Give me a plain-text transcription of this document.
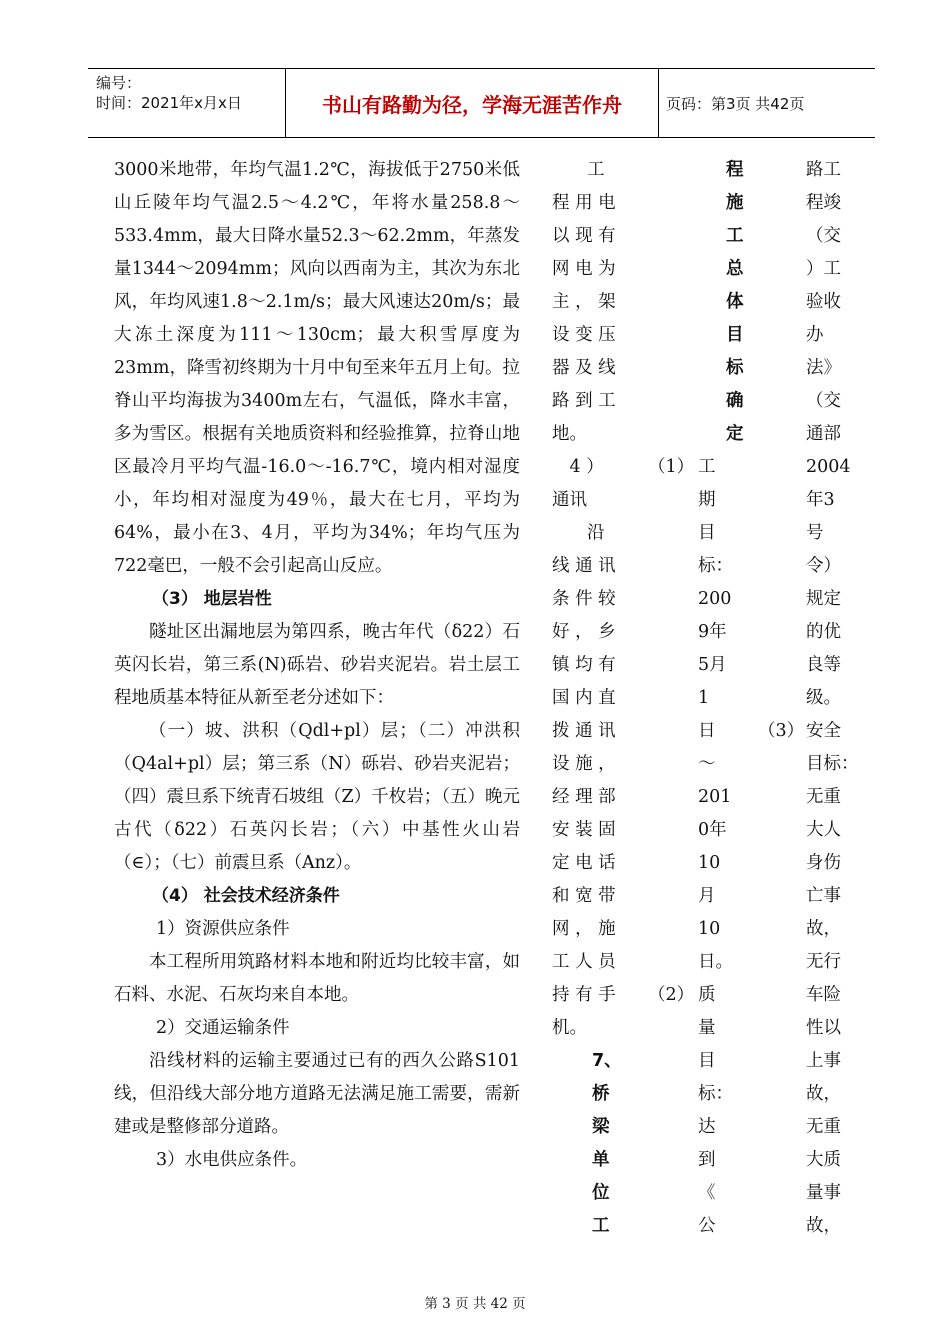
编号：
时间：2021年x月x日	书山有路勤为径，学海无涯苦作舟	页码：第3页 共42页

3000米地带，年均气温1.2℃，海拔低于2750米低山丘陵年均气温2.5～4.2℃，年将水量258.8～533.4mm，最大日降水量52.3～62.2mm，年蒸发量1344～2094mm；风向以西南为主，其次为东北风，年均风速1.8～2.1m/s；最大风速达20m/s；最大冻土深度为111～130cm；最大积雪厚度为23mm，降雪初终期为十月中旬至来年五月上旬。拉脊山平均海拔为3400m左右，气温低，降水丰富，多为雪区。根据有关地质资料和经验推算，拉脊山地区最冷月平均气温-16.0～-16.7℃，境内相对湿度小，年均相对湿度为49％，最大在七月，平均为64%，最小在3、4月，平均为34%；年均气压为722毫巴，一般不会引起高山反应。

（3） 地层岩性

隧址区出漏地层为第四系，晚古年代（δ22）石英闪长岩，第三系(N)砾岩、砂岩夹泥岩。岩土层工程地质基本特征从新至老分述如下：

（一）坡、洪积（Qdl+pl）层；（二）冲洪积（Q4al+pl）层；第三系（N）砾岩、砂岩夹泥岩；（四）震旦系下统青石坡组（Z）千枚岩；（五）晚元古代（δ22）石英闪长岩；（六）中基性火山岩（∈）；（七）前震旦系（Anz）。

（4） 社会技术经济条件

1）资源供应条件

本工程所用筑路材料本地和附近均比较丰富，如石料、水泥、石灰均来自本地。

2）交通运输条件

沿线材料的运输主要通过已有的西久公路S101线，但沿线大部分地方道路无法满足施工需要，需新建或是整修部分道路。

3）水电供应条件。

　　工
程 用 电
以 现 有
网 电 为
主 ， 架
设 变 压
器 及 线
路 到 工
地。
　4 ）
通讯
　　沿
线 通 讯
条 件 较
好 ， 乡
镇 均 有
国 内 直
拨 通 讯
设 施 ，
经 理 部
安 装 固
定 电 话
和 宽 带
网 ， 施
工 人 员
持 有 手
机。
（1）
（2）
7、
桥
梁
单
位
工
程
施
工
总
体
目
标
确
定
工
期
目
标：
200
9年
5月
1
日
～
201
0年
10
月
10
日。
质
量
目
标：
达
到
《
公
（3）
路工
程竣
（交
）工
验收
办
法》
（交
通部
2004
年3
号
令）
规定
的优
良等
级。
安全
目标：
无重
大人
身伤
亡事
故，
无行
车险
性以
上事
故，
无重
大质
量事
故，
第 3 页 共 42 页
